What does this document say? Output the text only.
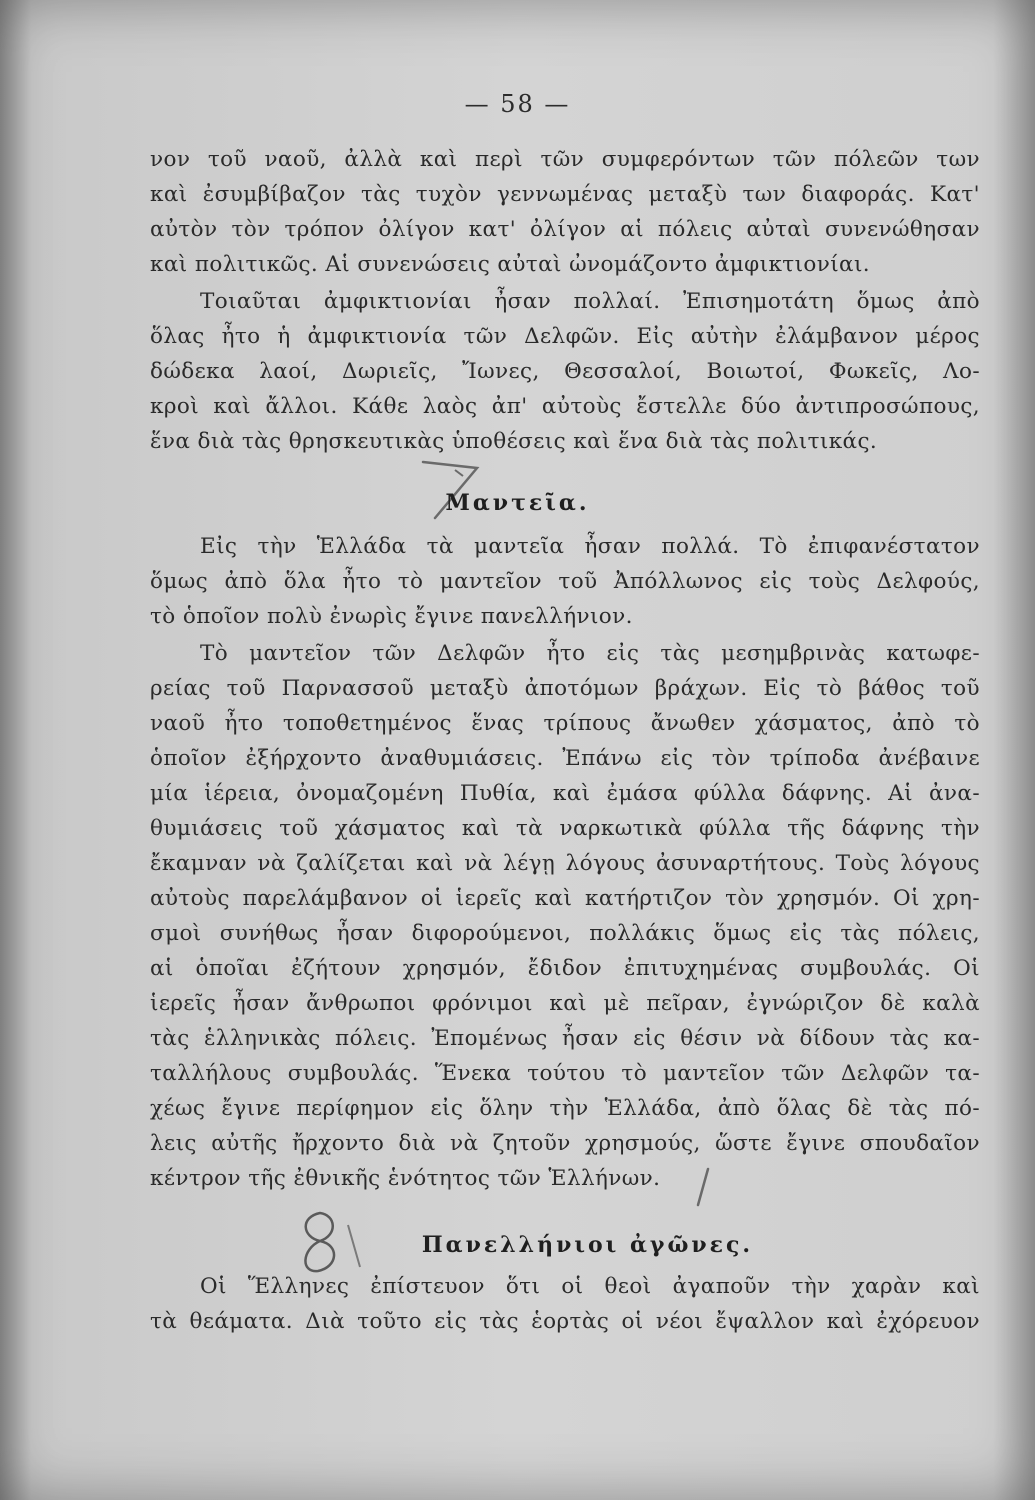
— 58 —
νον τοῦ ναοῦ, ἀλλὰ καὶ περὶ τῶν συμφερόντων τῶν πόλεῶν των
καὶ ἐσυμβίβαζον τὰς τυχὸν γεννωμένας μεταξὺ των διαφοράς. Κατ'
αὐτὸν τὸν τρόπον ὀλίγον κατ' ὀλίγον αἱ πόλεις αὐταὶ συνενώθησαν
καὶ πολιτικῶς. Αἱ συνενώσεις αὐταὶ ὠνομάζοντο ἀμφικτιονίαι.
Τοιαῦται ἀμφικτιονίαι ἦσαν πολλαί. Ἐπισημοτάτη ὅμως ἀπὸ
ὅλας ἦτο ἡ ἀμφικτιονία τῶν Δελφῶν. Εἰς αὐτὴν ἐλάμβανον μέρος
δώδεκα λαοί, Δωριεῖς, Ἴωνες, Θεσσαλοί, Βοιωτοί, Φωκεῖς, Λο-
κροὶ καὶ ἄλλοι. Κάθε λαὸς ἀπ' αὐτοὺς ἔστελλε δύο ἀντιπροσώπους,
ἕνα διὰ τὰς θρησκευτικὰς ὑποθέσεις καὶ ἕνα διὰ τὰς πολιτικάς.
Μαντεῖα.
Εἰς τὴν Ἑλλάδα τὰ μαντεῖα ἦσαν πολλά. Τὸ ἐπιφανέστατον
ὅμως ἀπὸ ὅλα ἦτο τὸ μαντεῖον τοῦ Ἀπόλλωνος εἰς τοὺς Δελφούς,
τὸ ὁποῖον πολὺ ἐνωρὶς ἔγινε πανελλήνιον.
Τὸ μαντεῖον τῶν Δελφῶν ἦτο εἰς τὰς μεσημβρινὰς κατωφε-
ρείας τοῦ Παρνασσοῦ μεταξὺ ἀποτόμων βράχων. Εἰς τὸ βάθος τοῦ
ναοῦ ἦτο τοποθετημένος ἕνας τρίπους ἄνωθεν χάσματος, ἀπὸ τὸ
ὁποῖον ἐξήρχοντο ἀναθυμιάσεις. Ἐπάνω εἰς τὸν τρίποδα ἀνέβαινε
μία ἱέρεια, ὀνομαζομένη Πυθία, καὶ ἐμάσα φύλλα δάφνης. Αἱ ἀνα-
θυμιάσεις τοῦ χάσματος καὶ τὰ ναρκωτικὰ φύλλα τῆς δάφνης τὴν
ἔκαμναν νὰ ζαλίζεται καὶ νὰ λέγῃ λόγους ἀσυναρτήτους. Τοὺς λόγους
αὐτοὺς παρελάμβανον οἱ ἱερεῖς καὶ κατήρτιζον τὸν χρησμόν. Οἱ χρη-
σμοὶ συνήθως ἦσαν διφορούμενοι, πολλάκις ὅμως εἰς τὰς πόλεις,
αἱ ὁποῖαι ἐζήτουν χρησμόν, ἔδιδον ἐπιτυχημένας συμβουλάς. Οἱ
ἱερεῖς ἦσαν ἄνθρωποι φρόνιμοι καὶ μὲ πεῖραν, ἐγνώριζον δὲ καλὰ
τὰς ἑλληνικὰς πόλεις. Ἐπομένως ἦσαν εἰς θέσιν νὰ δίδουν τὰς κα-
ταλλήλους συμβουλάς. Ἕνεκα τούτου τὸ μαντεῖον τῶν Δελφῶν τα-
χέως ἔγινε περίφημον εἰς ὅλην τὴν Ἑλλάδα, ἀπὸ ὅλας δὲ τὰς πό-
λεις αὐτῆς ἤρχοντο διὰ νὰ ζητοῦν χρησμούς, ὥστε ἔγινε σπουδαῖον
κέντρον τῆς ἐθνικῆς ἑνότητος τῶν Ἑλλήνων.
Πανελλήνιοι ἀγῶνες.
Οἱ Ἕλληνες ἐπίστευον ὅτι οἱ θεοὶ ἀγαποῦν τὴν χαρὰν καὶ
τὰ θεάματα. Διὰ τοῦτο εἰς τὰς ἑορτὰς οἱ νέοι ἔψαλλον καὶ ἐχόρευον
